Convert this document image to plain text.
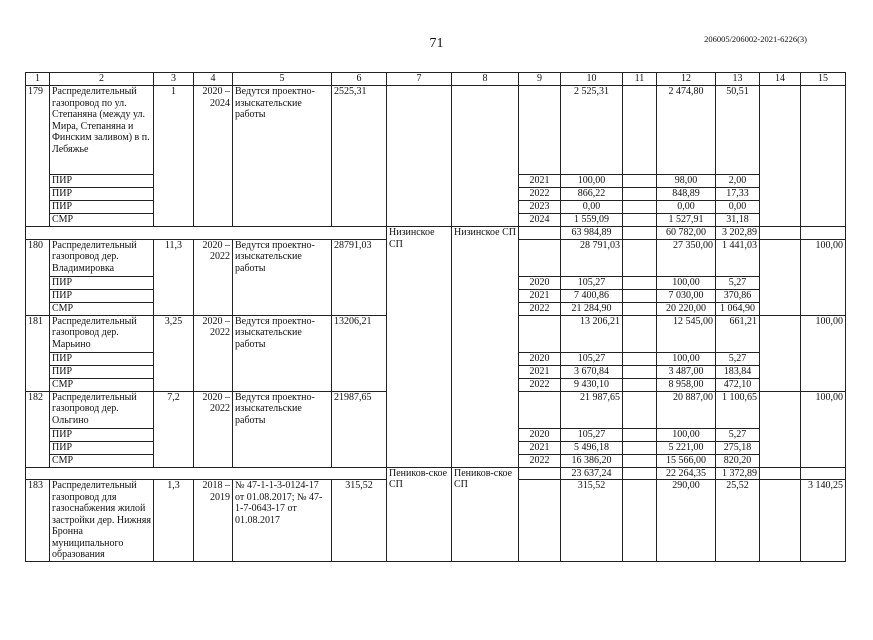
71	206005/206002-2021-6226(3)
1	2	3	4	5	6	7	8	9	10	11	12	13	14	15
179	Распределительный газопровод по ул. Степаняна (между ул. Мира, Степаняна и Финским заливом) в п. Лебяжье	1	2020 – 2024	Ведутся проектно-изыскательские работы	2525,31				2 525,31		2 474,80	50,51		
	ПИР							2021	100,00		98,00	2,00		
	ПИР							2022	866,22		848,89	17,33		
	ПИР							2023	0,00		0,00	0,00		
	СМР							2024	1 559,09		1 527,91	31,18		
						Низинское СП	Низинское СП		63 984,89		60 782,00	3 202,89		
180	Распределительный газопровод дер. Владимировка	11,3	2020 – 2022	Ведутся проектно-изыскательские работы	28791,03				28 791,03		27 350,00	1 441,03		100,00
	ПИР							2020	105,27		100,00	5,27		
	ПИР							2021	7 400,86		7 030,00	370,86		
	СМР							2022	21 284,90		20 220,00	1 064,90		
181	Распределительный газопровод дер. Марьино	3,25	2020 – 2022	Ведутся проектно-изыскательские работы	13206,21				13 206,21		12 545,00	661,21		100,00
	ПИР							2020	105,27		100,00	5,27		
	ПИР							2021	3 670,84		3 487,00	183,84		
	СМР							2022	9 430,10		8 958,00	472,10		
182	Распределительный газопровод дер. Ольгино	7,2	2020 – 2022	Ведутся проектно-изыскательские работы	21987,65				21 987,65		20 887,00	1 100,65		100,00
	ПИР							2020	105,27		100,00	5,27		
	ПИР							2021	5 496,18		5 221,00	275,18		
	СМР							2022	16 386,20		15 566,00	820,20		
						Пеников-ское СП	Пеников-ское СП		23 637,24		22 264,35	1 372,89		
183	Распределительный газопровод для газоснабжения жилой застройки дер. Нижняя Бронна муниципального образования	1,3	2018 – 2019	№ 47-1-1-3-0124-17 от 01.08.2017; № 47-1-7-0643-17 от 01.08.2017	315,52				315,52		290,00	25,52		3 140,25
